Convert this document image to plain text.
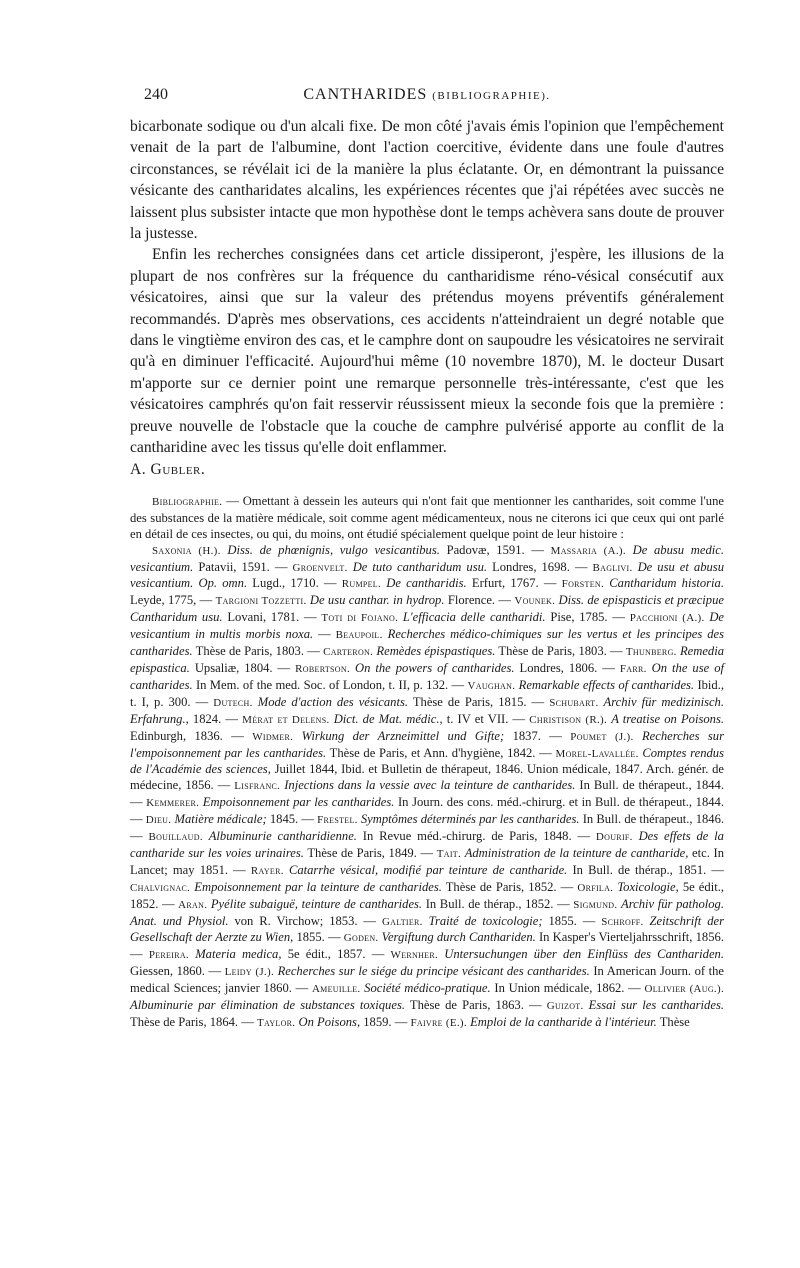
240	CANTHARIDES (BIBLIOGRAPHIE).

bicarbonate sodique ou d'un alcali fixe. De mon côté j'avais émis l'opinion que l'empêchement venait de la part de l'albumine, dont l'action coercitive, évidente dans une foule d'autres circonstances, se révélait ici de la manière la plus éclatante. Or, en démontrant la puissance vésicante des cantharidates alcalins, les expériences récentes que j'ai répétées avec succès ne laissent plus subsister intacte que mon hypothèse dont le temps achèvera sans doute de prouver la justesse.

Enfin les recherches consignées dans cet article dissiperont, j'espère, les illusions de la plupart de nos confrères sur la fréquence du cantharidisme réno-vésical consécutif aux vésicatoires, ainsi que sur la valeur des prétendus moyens préventifs généralement recommandés. D'après mes observations, ces accidents n'atteindraient un degré notable que dans le vingtième environ des cas, et le camphre dont on saupoudre les vésicatoires ne servirait qu'à en diminuer l'efficacité. Aujourd'hui même (10 novembre 1870), M. le docteur Dusart m'apporte sur ce dernier point une remarque personnelle très-intéressante, c'est que les vésicatoires camphrés qu'on fait resservir réussissent mieux la seconde fois que la première : preuve nouvelle de l'obstacle que la couche de camphre pulvérisé apporte au conflit de la cantharidine avec les tissus qu'elle doit enflammer.

A. Gubler.

Bibliographie. — Omettant à dessein les auteurs qui n'ont fait que mentionner les cantharides, soit comme l'une des substances de la matière médicale, soit comme agent médicamenteux, nous ne citerons ici que ceux qui ont parlé en détail de ces insectes, ou qui, du moins, ont étudié spécialement quelque point de leur histoire :

Saxonia (H.). Diss. de phœnignis, vulgo vesicantibus. Padovæ, 1591. — Massaria (A.). De abusu medic. vesicantium. Patavii, 1591. — Groenvelt. De tuto cantharidum usu. Londres, 1698. — Baglivi. De usu et abusu vesicantium. Op. omn. Lugd., 1710. — Rumpel. De cantharidis. Erfurt, 1767. — Forsten. Cantharidum historia. Leyde, 1775, — Targioni Tozzetti. De usu canthar. in hydrop. Florence. — Vounek. Diss. de epispasticis et præcipue Cantharidum usu. Lovani, 1781. — Toti di Fojano. L'efficacia delle cantharidi. Pise, 1785. — Pacchioni (A.). De vesicantium in multis morbis noxa. — Beaupoil. Recherches médico-chimiques sur les vertus et les principes des cantharides. Thèse de Paris, 1803. — Carteron. Remèdes épispastiques. Thèse de Paris, 1803. — Thunberg. Remedia epispastica. Upsaliæ, 1804. — Robertson. On the powers of cantharides. Londres, 1806. — Farr. On the use of cantharides. In Mem. of the med. Soc. of London, t. II, p. 132. — Vaughan. Remarkable effects of cantharides. Ibid., t. I, p. 300. — Dutech. Mode d'action des vésicants. Thèse de Paris, 1815. — Schubart. Archiv für medizinisch. Erfahrung., 1824. — Mérat et Delens. Dict. de Mat. médic., t. IV et VII. — Christison (R.). A treatise on Poisons. Edinburgh, 1836. — Widmer. Wirkung der Arzneimittel und Gifte; 1837. — Poumet (J.). Recherches sur l'empoisonnement par les cantharides. Thèse de Paris, et Ann. d'hygiène, 1842. — Morel-Lavallée. Comptes rendus de l'Académie des sciences, Juillet 1844, Ibid. et Bulletin de thérapeut, 1846. Union médicale, 1847. Arch. génér. de médecine, 1856. — Lisfranc. Injections dans la vessie avec la teinture de cantharides. In Bull. de thérapeut., 1844. — Kemmerer. Empoisonnement par les cantharides. In Journ. des cons. méd.-chirurg. et in Bull. de thérapeut., 1844. — Dieu. Matière médicale; 1845. — Frestel. Symptômes déterminés par les cantharides. In Bull. de thérapeut., 1846. — Bouillaud. Albuminurie cantharidienne. In Revue méd.-chirurg. de Paris, 1848. — Dourif. Des effets de la cantharide sur les voies urinaires. Thèse de Paris, 1849. — Tait. Administration de la teinture de cantharide, etc. In Lancet; may 1851. — Rayer. Catarrhe vésical, modifié par teinture de cantharide. In Bull. de thérap., 1851. — Chalvignac. Empoisonnement par la teinture de cantharides. Thèse de Paris, 1852. — Orfila. Toxicologie, 5e édit., 1852. — Aran. Pyélite subaiguë, teinture de cantharides. In Bull. de thérap., 1852. — Sigmund. Archiv für patholog. Anat. und Physiol. von R. Virchow; 1853. — Galtier. Traité de toxicologie; 1855. — Schroff. Zeitschrift der Gesellschaft der Aerzte zu Wien, 1855. — Goden. Vergiftung durch Canthariden. In Kasper's Vierteljahrsschrift, 1856. — Pereira. Materia medica, 5e édit., 1857. — Wernher. Untersuchungen über den Einflüss des Canthariden. Giessen, 1860. — Leidy (J.). Recherches sur le siége du principe vésicant des cantharides. In American Journ. of the medical Sciences; janvier 1860. — Ameuille. Société médico-pratique. In Union médicale, 1862. — Ollivier (Aug.). Albuminurie par élimination de substances toxiques. Thèse de Paris, 1863. — Guizot. Essai sur les cantharides. Thèse de Paris, 1864. — Taylor. On Poisons, 1859. — Faivre (E.). Emploi de la cantharide à l'intérieur. Thèse
